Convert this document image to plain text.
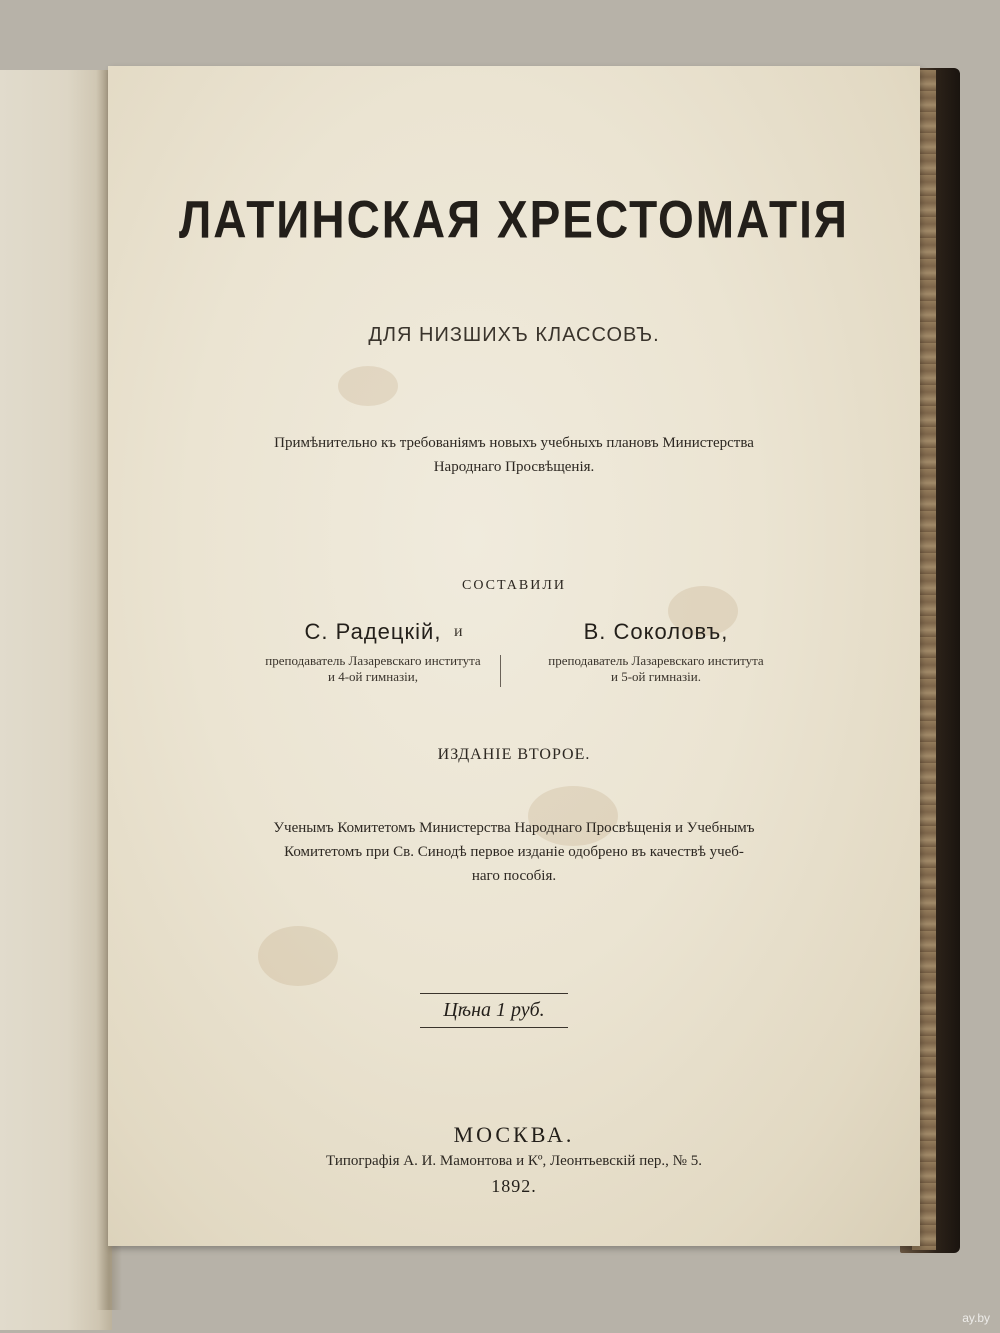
ЛАТИНСКАЯ ХРЕСТОМАТІЯ
ДЛЯ НИЗШИХЪ КЛАССОВЪ.
Примѣнительно къ требованіямъ новыхъ учебныхъ плановъ Министерства
Народнаго Просвѣщенія.
СОСТАВИЛИ
С. Радецкій,
преподаватель Лазаревскаго института
и 4-ой гимназіи,
и	В. Соколовъ,
преподаватель Лазаревскаго института
и 5-ой гимназіи.
ИЗДАНІЕ ВТОРОЕ.
Ученымъ Комитетомъ Министерства Народнаго Просвѣщенія и Учебнымъ
Комитетомъ при Св. Синодѣ первое изданіе одобрено въ качествѣ учеб-
наго пособія.
Цѣна 1 руб.
МОСКВА.
Типографія А. И. Мамонтова и Кº, Леонтьевскій пер., № 5.
1892.
ay.by
